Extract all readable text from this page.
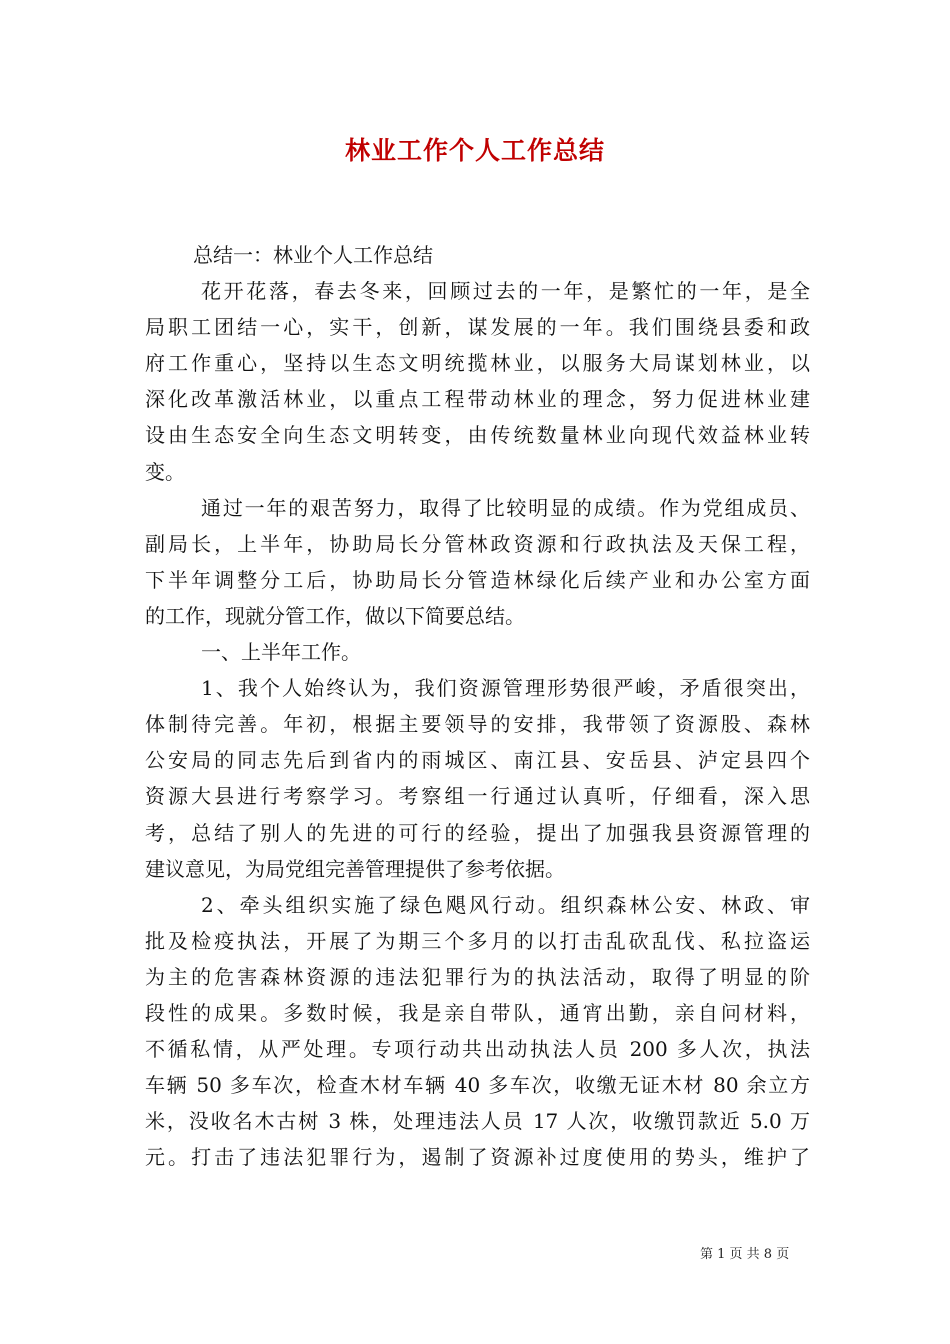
林业工作个人工作总结
总结一：林业个人工作总结
花开花落，春去冬来，回顾过去的一年，是繁忙的一年，是全
局职工团结一心，实干，创新，谋发展的一年。我们围绕县委和政
府工作重心，坚持以生态文明统揽林业，以服务大局谋划林业，以
深化改革激活林业，以重点工程带动林业的理念，努力促进林业建
设由生态安全向生态文明转变，由传统数量林业向现代效益林业转
变。
通过一年的艰苦努力，取得了比较明显的成绩。作为党组成员、
副局长，上半年，协助局长分管林政资源和行政执法及天保工程，
下半年调整分工后，协助局长分管造林绿化后续产业和办公室方面
的工作，现就分管工作，做以下简要总结。
一、上半年工作。
1、我个人始终认为，我们资源管理形势很严峻，矛盾很突出，
体制待完善。年初，根据主要领导的安排，我带领了资源股、森林
公安局的同志先后到省内的雨城区、南江县、安岳县、泸定县四个
资源大县进行考察学习。考察组一行通过认真听，仔细看，深入思
考，总结了别人的先进的可行的经验，提出了加强我县资源管理的
建议意见，为局党组完善管理提供了参考依据。
2、牵头组织实施了绿色飓风行动。组织森林公安、林政、审
批及检疫执法，开展了为期三个多月的以打击乱砍乱伐、私拉盗运
为主的危害森林资源的违法犯罪行为的执法活动，取得了明显的阶
段性的成果。多数时候，我是亲自带队，通宵出勤，亲自问材料，
不循私情，从严处理。专项行动共出动执法人员 200 多人次，执法
车辆 50 多车次，检查木材车辆 40 多车次，收缴无证木材 80 余立方
米，没收名木古树 3 株，处理违法人员 17 人次，收缴罚款近 5.0 万
元。打击了违法犯罪行为，遏制了资源补过度使用的势头，维护了
第 1 页 共 8 页
